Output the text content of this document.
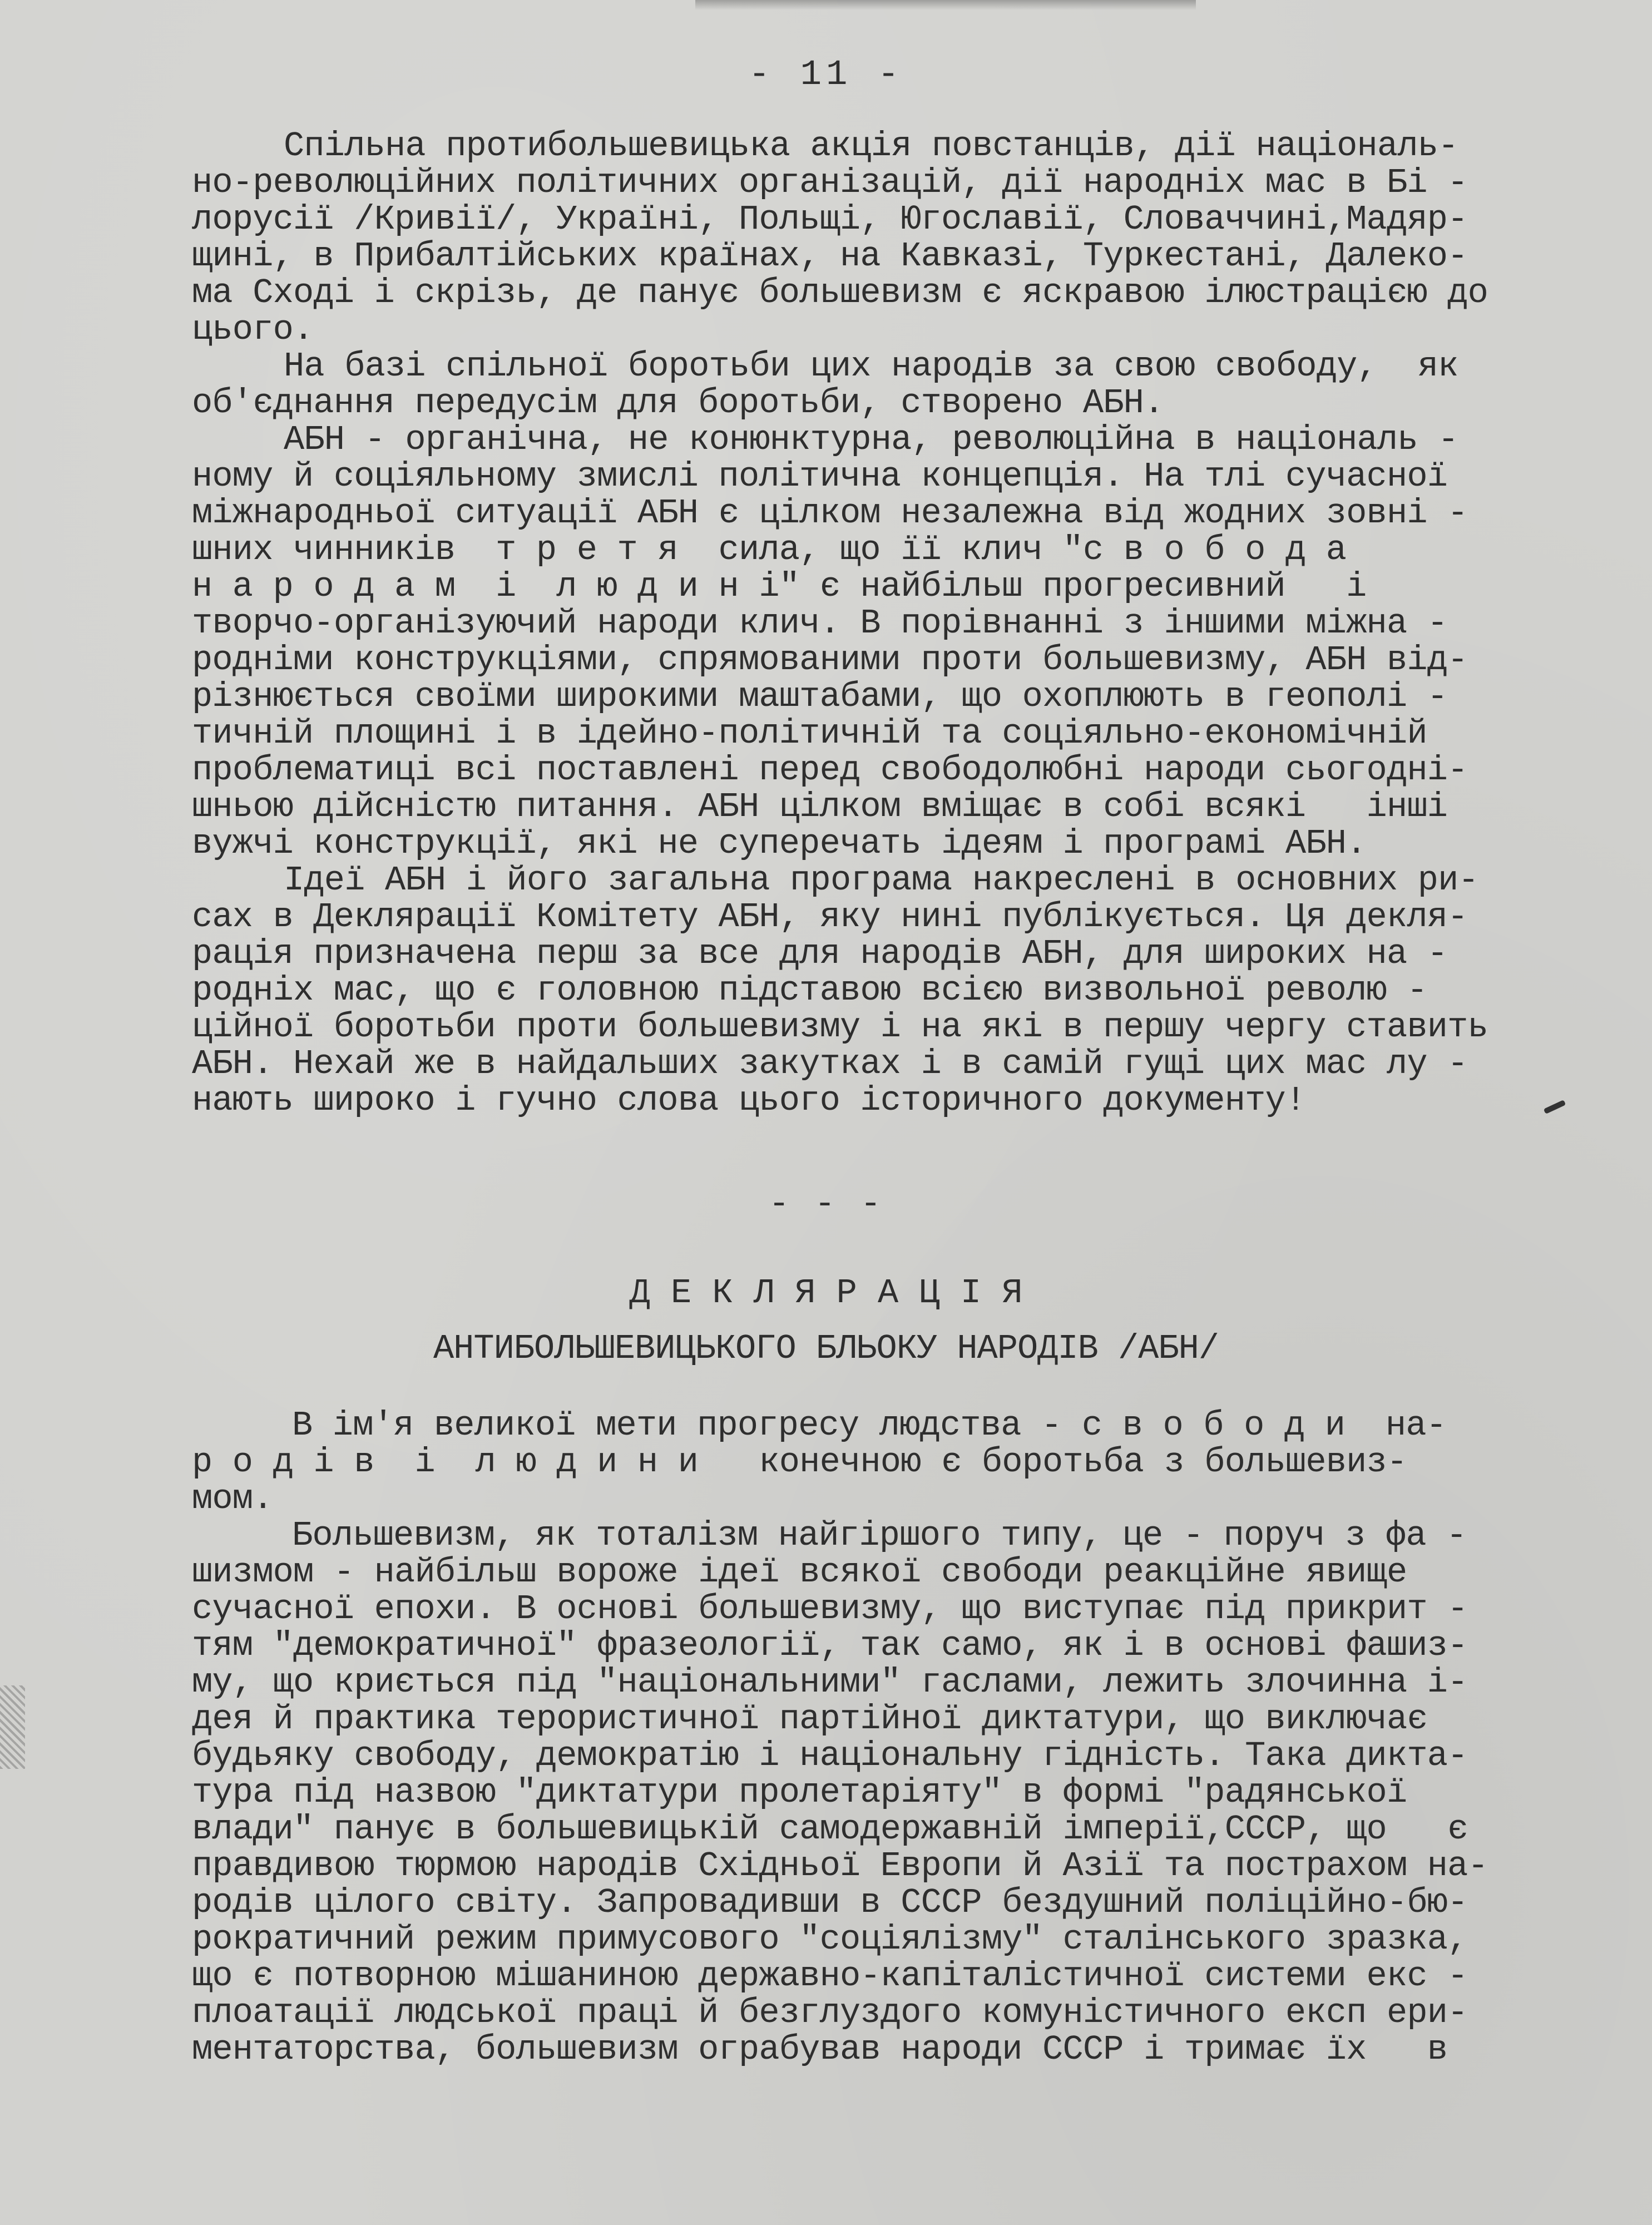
- 11 -
Спільна протибольшевицька акція повстанців, дії національ-
но-революційних політичних організацій, дії народніх мас в Бі -
лорусії /Кривії/, Україні, Польщі, Югославії, Словаччині,Мадяр-
щині, в Прибалтійських країнах, на Кавказі, Туркестані, Далеко-
ма Сході і скрізь, де панує большевизм є яскравою ілюстрацією до
цього.
На базі спільної боротьби цих народів за свою свободу,  як
об'єднання передусім для боротьби, створено АБН.
АБН - органічна, не конюнктурна, революційна в національ -
ному й соціяльному змислі політична концепція. На тлі сучасної
міжнародньої ситуації АБН є цілком незалежна від жодних зовні -
шних чинників  т р е т я  сила, що її клич "с в о б о д а
н а р о д а м  і  л ю д и н і" є найбільш прогресивний   і
творчо-організуючий народи клич. В порівнанні з іншими міжна -
родніми конструкціями, спрямованими проти большевизму, АБН від-
різнюється своїми широкими маштабами, що охоплюють в геополі -
тичній площині і в ідейно-політичній та соціяльно-економічній
проблематиці всі поставлені перед свободолюбні народи сьогодні-
шньою дійсністю питання. АБН цілком вміщає в собі всякі   інші
вужчі конструкції, які не суперечать ідеям і програмі АБН.
Ідеї АБН і його загальна програма накреслені в основних ри-
сах в Деклярації Комітету АБН, яку нині публікується. Ця декля-
рація призначена перш за все для народів АБН, для широких на -
родніх мас, що є головною підставою всією визвольної револю -
ційної боротьби проти большевизму і на які в першу чергу ставить
АБН. Нехай же в найдальших закутках і в самій гущі цих мас лу -
нають широко і гучно слова цього історичного документу!
- - -
Д Е К Л Я Р А Ц І Я
АНТИБОЛЬШЕВИЦЬКОГО БЛЬОКУ НАРОДІВ /АБН/
В ім'я великої мети прогресу людства - с в о б о д и  на-
р о д і в  і  л ю д и н и   конечною є боротьба з большевиз-
мом.
Большевизм, як тоталізм найгіршого типу, це - поруч з фа -
шизмом - найбільш вороже ідеї всякої свободи реакційне явище
сучасної епохи. В основі большевизму, що виступає під прикрит -
тям "демократичної" фразеології, так само, як і в основі фашиз-
му, що криється під "національними" гаслами, лежить злочинна і-
дея й практика терористичної партійної диктатури, що виключає
будьяку свободу, демократію і національну гідність. Така дикта-
тура під назвою "диктатури пролетаріяту" в формі "радянської
влади" панує в большевицькій самодержавній імперії,СССР, що   є
правдивою тюрмою народів Східньої Европи й Азії та пострахом на-
родів цілого світу. Запровадивши в СССР бездушний поліційно-бю-
рократичний режим примусового "соціялізму" сталінського зразка,
що є потворною мішаниною державно-капіталістичної системи екс -
плоатації людської праці й безглуздого комуністичного експ ери-
ментаторства, большевизм ограбував народи СССР і тримає їх   в
